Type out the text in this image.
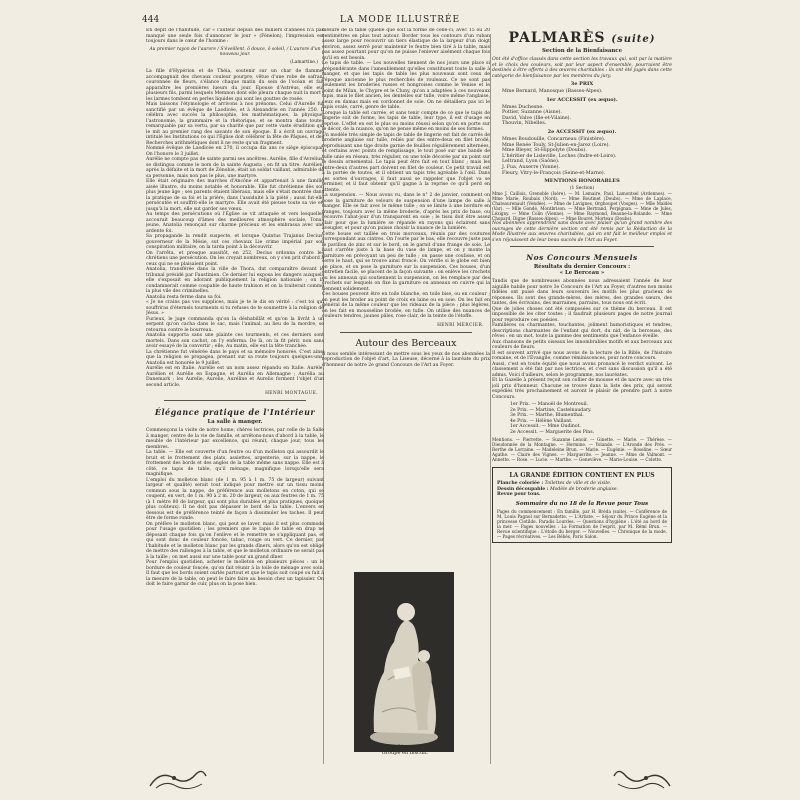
444	LA MODE ILLUSTRÉE

En dépit de l'habitude, car « l'auteur depuis des milliers d'années n'a pas manqué une seule fois d'annoncer le jour » (Fénelon), l'impression est toujours dans le cœur de l'homme :

Au premier rayon de l'aurore / S'éveillent, ô douce, ô soleil, / L'aurore d'un nouveau jour.

(Lamartine.)

La fille d'Hypérion et de Théia, soutenir sur un char de flamme, accompagnait des chevaux couleur pourpre, vêtue d'une robe de safran, couronnée de fleurs, s'élance chaque matin du sein de l'océan et fait apparaître les premières lueurs du jour. Épouse d'Astréus, elle eut plusieurs fils, parmi lesquels Memnon dont elle pleura chaque nuit la mort ; les larmes tombent en perles liquides qui sont les gouttes de rosée.

Mais laissons l'étymologie et arrivons à nos prénoms. Celui d'Aurelle fut sanctifié par un évêque de Laodicée, et à Alexandrie en l'année 250. Il célébra avec succès la philosophie, les mathématiques, la physique, l'astronomie, la grammaire et la rhétorique, et se montra dans toutes remarquable par sa vertu, par sa charité que par cette vaste érudition qui le mit au premier rang des savants de son époque. Il a écrit un ouvrage intitulé les Institutions ce qui l'Église doit célébrer la fête de Pâques, et des Recherches arithmétiques dont il ne reste qu'un fragment.

Nommé évêque de Laodicée en 270, il occupa dix ans ce siège épiscopal. On l'honore le 3 juillet.

Aurélie ne compte pas de sainte parmi ses ancêtres. Aurélie, fille d'Avrelius, se distingua comme le nom de la sainte Augusta ; en fit un titre. Aurélien, après la défaite et la mort de Zénobie, était un soldat vaillant, admirable de sa personne, mais non pas le plus, une martyre.

Elle était originaire des marches d'Ancône et appartenait à une famille aisée illustre, du moins notable et honorable. Elle fut chrétienne dès son plus jeune âge ; ses parents étaient libéraux, mais elle s'était montrée dans la pratique de sa foi et la prière, dans l'assiduité à la piété ; aussi fut-elle persécutée et souffrit-elle le martyre. Elle avait été pieuse toute sa vie et, jusqu'à la mort, elle sut garder ses vœux.

Au temps des persécutions où l'Église se vit attaquée et vers lesquelles accourait beaucoup d'âmes des meilleures atmosphère sociale, Tonus jeune, Anatolia renonçait sur charme précieux et les embrassa avec une ardente foi.

Sa propagande la rendit suspecte, et lorsque Quintus Trajanus Decius, gouverneur de la Mésie, sut ces chevaux Lie crime impérial par son conspiration militaire, on la tarda point à la découvrir.

On l'arrêta, et presque aussitôt, en 252, Decius ordonna contre les chrétiens une persécution. On les croyait nombreux, on y s'en prit d'abord à ceux qui ne se plaisaient point.

Anatolia, transférée dans la ville de Thora, dut comparaître devant le tribunal présidé par Faustinien. Ce dernier lui exposa les dangers auxquels elle s'exposait en adorant publiquement la religion nationale ; on la condamnerait comme coupable de haute trahison et on la traiterait comme la plus vile des criminelles.

Anatolia resta ferme dans sa foi.

« Je ne crains pas vos supplices, mais je te le dis en vérité : c'est toi qui souffriras d'éternels tourments si tu refuses de te soumettre à la religion de Jésus. »

Furieux, le juge commanda qu'on la déshabillât et qu'on la livrât à un serpent qu'on cacha dans le sac, mais l'animal, au lieu de la mordre, se retourna contre le bourreau.

Anatolia supporta sans une plainte ces tourments, et ces derniers sont mortels. Dans son cachot, on l'y enferma. De là, on la fit périr, non sans avoir essayé de la convertir ; elle, Au matin, elle eut la tête tranchée.

La chrétienne fut vénérée dans le pays et sa mémoire honorée. C'est ainsi que la religion se propagea, prenant sur sa route toujours quelques-uns. Anatolia est honorée le 9 juillet.

Aurélie est en Italie. Aurélie est un nom assez répandu en Italie. Aurèle, Aurélien et Aurélie en Espagne, et Aurélia en Allemagne ; Aurélia au Danemark ; les Aurelie, Aurelie, Auréline et Aurelio forment l'objet d'un second article.

HENRI MONTAGUE.

Élégance pratique de l'Intérieur
La salle à manger.

Commençons la visite de notre home, chères lectrices, par celle de la Salle à manger, centre de la vie de famille, et arrêtons-nous d'abord à la table, le meuble de l'intérieur par excellence, qui réunit, chaque jour, tous les membres.

La table. — Elle est couverte d'un feutre ou d'un molleton qui assourdit le bruit et le frottement des plats, assiettes, argenterie, sur la nappe, le frottement des bords et des angles de la table même sans nappe. Elle est à côté, ce tapis de table, qu'il ménage, magnifique lorsqu'elle sera magnifique.

L'emploi du molleton blanc (de 1 m. 95 à 1 m. 75 de largeur) suivant largeur et qualité) serait tout indiqué pour mettre sur un tissu moins commun sous la nappe, de préférence aux molletons en coton, qui se coupent, en vert, de 1 m. 90 à 2 m. 20 de largeur, ou aux feutres de 1 m. 75 (à 1 mètre 80 de largeur, qui sont plus durables et plus pratiques, quoique plus coûteux). Il ne doit pas dépasser le bord de la table. L'envers en dessous est de préférence teinté de façon à dissimuler les taches. Il peut être de forme ronde.

On préfère le molleton blanc, qui peut se laver, mais il est plus commode pour l'usage quotidien ; les premiers que le tapis de table en drap ne déposant chaque fois qu'on l'enlève et le remettre ne s'appliquant pas, et qui sont donc de couleur foncée, tabac, rouge ou vert. Ce dernier, par l'habitude et le molleton blanc par les grands dîners, alors qu'on est obligé de mettre des rallonges à la table, et que le molleton ordinaire ne serait pas à la taille ; on met aussi sur une table pour un grand dîner.

Pour l'emploi quotidien, acheter le molleton en plusieurs pièces : un le bordure de couleur foncée, qu'on fait réunir à la toile de ménage avec soin. Il faut que les bords soient ourlés partout et que le tapis soit coupé ou fait à la mesure de la table, on peut le faire faire au besoin chez un tapissier. On doit le faire garnir de cuir, plus on la pose bien.

mesure de la table (quelle que soit la forme de celle-ci, avec 15 ou 20 centimètres en plus tout autour. Border tous les contours d'un ruban assez large pour recouvrir un tiers élastique de la largeur d'un doigt environ, assez serré pour maintenir le feutre bien tiré à la table, mais pas assez pourtant pour qu'on ne puisse l'enlever aisément chaque fois qu'il en est besoin.

Le tapis de table. — Les nouvelles tiennent de nos jours une place si prépondérante dans l'ameublement qu'elles constituent toute la salle à manger, et que les tapis de table les plus nouveaux sont ceux de l'époque ancienne le plus recherchés de rouleaux. Ce ne sont pas seulement les broderies russes et hongroises comme le Venise et le point de Milan, le Chypre et le Cluny, qu'on a adaptées à ces nouveaux tapis, mais le filet ancien, les dentelles sur tulle, voire même l'anglaise, ceux en damas mais en cordonnet de soie. On ne détaillera pas ici le tapis ovale, carré, genre de table.

Lorsque la table est carrée, et sans tenir compte de ce que le tapis de lingerie soit de forme, les tapis de table, leur type, il est d'usage en reprise. L'effet en est le plus ou moins réussi selon qu'on en porte sur le décor, de la nuance, qu'on ne pense même en moins de ses formes.

Un modèle très simple de tapis de table de lingerie est fait de carrés de broderie anglaise sur tulle, reliés par des entre-deux en filet brodé, reproduisant une tige droite garnie de feuilles régulièrement alternées, et certains avec points de remplissage, le tout posé sur une bande de tulle unie en réseau, très régulier, ou une toile décorée par un point sur le dessin ornemental. Le tapis peut être fait en tout blanc ; mais les entre-deux d'autres part doivent en filet de couleur. Ce petit travail est à la portée de toutes, et il obtient un tapis très agréable à l'œil. Dans ces sortes d'ouvrages, il faut aussi se rappeler que l'objet va se terminer, et il faut obtenir qu'il gagne à la reprise ce qu'il perd en attente.

La suspension. — Nous avons vu, dans le n° 2 de janvier, comment on pose la garniture de velours de suspension d'une lampe de salle à manger. Elle se fait avec le même tulle ; on se limite à une bordure en franges, toujours avec la même broderie, d'après les prix de base, ou recouvre l'abat-jour d'un transparent en soie ; le tissu doit être assez clair pour que la lumière se répande en rayons qui éclairent sans aveugler, et pour qu'on puisse choisir la nuance de la lumière.

Cette bouse est taillée en trois morceaux, réunis par des coutures correspondant aux cintres. On l'ourle par le bas, elle recouvre juste pas le pavillon de zinc et sur le bord, on le garnit d'une frange de soie. Le haut s'arrête juste à la base du vase de lampe, et on y monte la garniture en prévoyant un peu de tulle ; on passe une coulisse, et on serre le haut, qui se trouve ainsi froncé. On vérifie si le globe est bien en place, et on pose la garniture sur la suspension. Ces bouses, d'un entretien facile, se placent de la façon suivante : on enlève les crochets ou les anneaux qui soutiennent la suspension, on les remplace par des crochets sur lesquels on fixe la garniture ou anneaux en cuivre qui la tiennent solidement.

Ces bouses peuvent être en toile blanche, en toile bise, ou en couleur ; on peut les broder au point de croix en laine ou en soie. On les fait en général de la même couleur que les rideaux de la pièce ; plus légères, on les fait en mousseline brodée, en tulle. On utilise des nuances de couleurs tendres, jaunes pâles, rose clair, de la teinte de l'étoffe.

HENRI MERCIER.

Autour des Berceaux

Il nous semble intéressant de mettre sous les yeux de nos abonnées la reproduction de l'objet d'art, La Liseuse, décerné à la lauréate du prix d'honneur de notre 2e grand Concours de l'Art au Foyer.

La Liseuse.
Groupe en biscuit.
PALMARÈS (suite)
Section de la Bienfaisance

Ont été d'office classés dans cette section les travaux qui, soit par la matière et le choix des couleurs, soit par leur aspect d'ensemble, pourraient être destinés à être offerts à des œuvres charitables : ils ont été jugés dans cette catégorie de bienfaisance par les membres du jury.

3e PRIX
Mme Bernard, Manosque (Basses-Alpes).
1er ACCESSIT (ex æquo).
Mmes Duchesne.
Pottier, Suzanne (Aisne).
David, Valve (Ille-et-Vilaine).
Thouvin, Nibelles.
2e ACCESSIT (ex æquo).
Mmes Boudouille, Concarneau (Finistère).
Mme Renée Touly, St-Julien-en-Jarez (Loire).
Mme Bleyer, St-Hippolyte (Doubs).
L'héritier de Lisleville, Loches (Indre-et-Loire).
Leltrand, Lyon (Saône).
J. Fua, Auxerre (Yonne).
Fleury, Vitry-le-François (Seine-et-Marne).
MENTIONS HONORABLES
(1 Section)

Mme J. Caillois, Grenoble (Isère). — M. Lemaire, Paul, Lamontsel (Ardennes). — Mme Marie, Roubaix (Nord). — Mme Boutinet (Doubs). — Mme de Laplace, Chateaurenault (Vendée). — Mme de Lavignes, Orghoupet (Vosges). — Mlle Maldès (Var). — Mlle Gondé, Montbrison. — Mme Bertrand, Perpignan. — Mme de Jules, Lézigny. — Mme Colin (Vienne). — Mme Raymond, Beaune-la-Rolande. — Mme Chopard, Digne (Basses-Alpes). — Mme Bouret, Morteau (Doubs).

Nos abonnées apprendront sans doute avec plaisir qu'un grand nombre des ouvrages de cette dernière section ont été remis par la Rédaction de la Mode Illustrée aux œuvres charitables, qui en ont fait le meilleur emploi et s'en réjouissent de leur beau succès de l'Art au Foyer.

Nos Concours Mensuels
Résultats du dernier Concours :
« Le Berceau »

Tandis que de nombreuses abonnées nous adressaient l'année de leur aiguille habile pour notre 3e Concours de l'Art au Foyer, d'autres non moins fidèles ont puisé dans leurs souvenirs les motifs les plus gracieux de réponses. Ils sont des grands-mères, des mères, des grandes sœurs, des tantes, des écrivains, des marraines, parrains, tous nous ont écrit.

Que de jolies choses ont été composées sur ce thème du berceau. Il est impossible de les citer toutes ; il faudrait plusieurs pages de notre journal pour reproduire ces poésies.

Familières ou charmantes, touchantes, joliment humoristiques et tendres, descriptions charmantes de l'enfant qui dort, du nid, de la berceuse, des rêves : en un mot, toute la gamme des sentiments que l'enfance éveille.

Aux chansons de petits oiseaux les innombrables motifs et aux berceaux aux couleurs de fleurs.

Il est souvent arrivé que nous avons de la lecture de la Bible, de l'histoire romaine, et de l'Évangile, comme réminiscences, pour notre concours.

Aussi, c'est en toute équité que nous avons prononcé le verdict suivant. Le classement a été fait par nos lectrices, et c'est sans discussion qu'il a été admis. Voici d'ailleurs, selon le programme, nos lauréates.

Et la Gazelle à présent reçoit son collier de mousse et de nacre avec un très joli prix d'honneur. Chacune se trouve dans la liste des prix, qui seront expédiés très prochainement et auront le plaisir de prendre part à notre Concours.

1er Prix. — Manoël de Montreuil.
2e Prix. — Martine, Castelnaudary.
3e Prix. — Marthe, Blumenthal.
4e Prix. — Hélène Vaillant.
1er Accessit. — Mme Oudinot.
2e Accessit. — Marguerite des Pins.

Mentions. — Pierrette. — Suzanne Lenoir. — Ginette. — Marie. — Thérèse. — Dieudonnée de la Montagne. — Hermine. — Yolande. — L'Aronde des Prés. — Berthe de Lorraine. — Madeleine Brun. — Marie. — Eugénie. — Roseline. — Sœur Agathe. — Claire des Vignes. — Marguerite. — Jeanne. — Mme de Valmont. — Annette. — Rose. — Lucie. — Marthe. — Geneviève. — Marie-Louise. — Colette.

LA GRANDE ÉDITION CONTIENT EN PLUS
Planche coloriée : Toilettes de ville et de visite.
Dessin découpable : Modèle de broderie anglaise.
Revue pour tous.
Sommaire du no 18 de la Revue pour Tous

Pages du commencement : En famille, par H. Bréda (suite). — Conférence de M. Louis Pagnol sur Bernadette. — L'Artiste. — Séjour du Prince Eugène et la princesse Clotilde. Paradis Lourdes. — Questions d'hygiène : L'été au bord de la mer. — Pages nouvelles : La Formation de l'esprit, par M. Rémi Brun. — Revue scientifique : L'étoile du berger. — Nouvelles. — Chronique de la mode. — Pages récréatives. — Les Bébés, Paris Salon.
